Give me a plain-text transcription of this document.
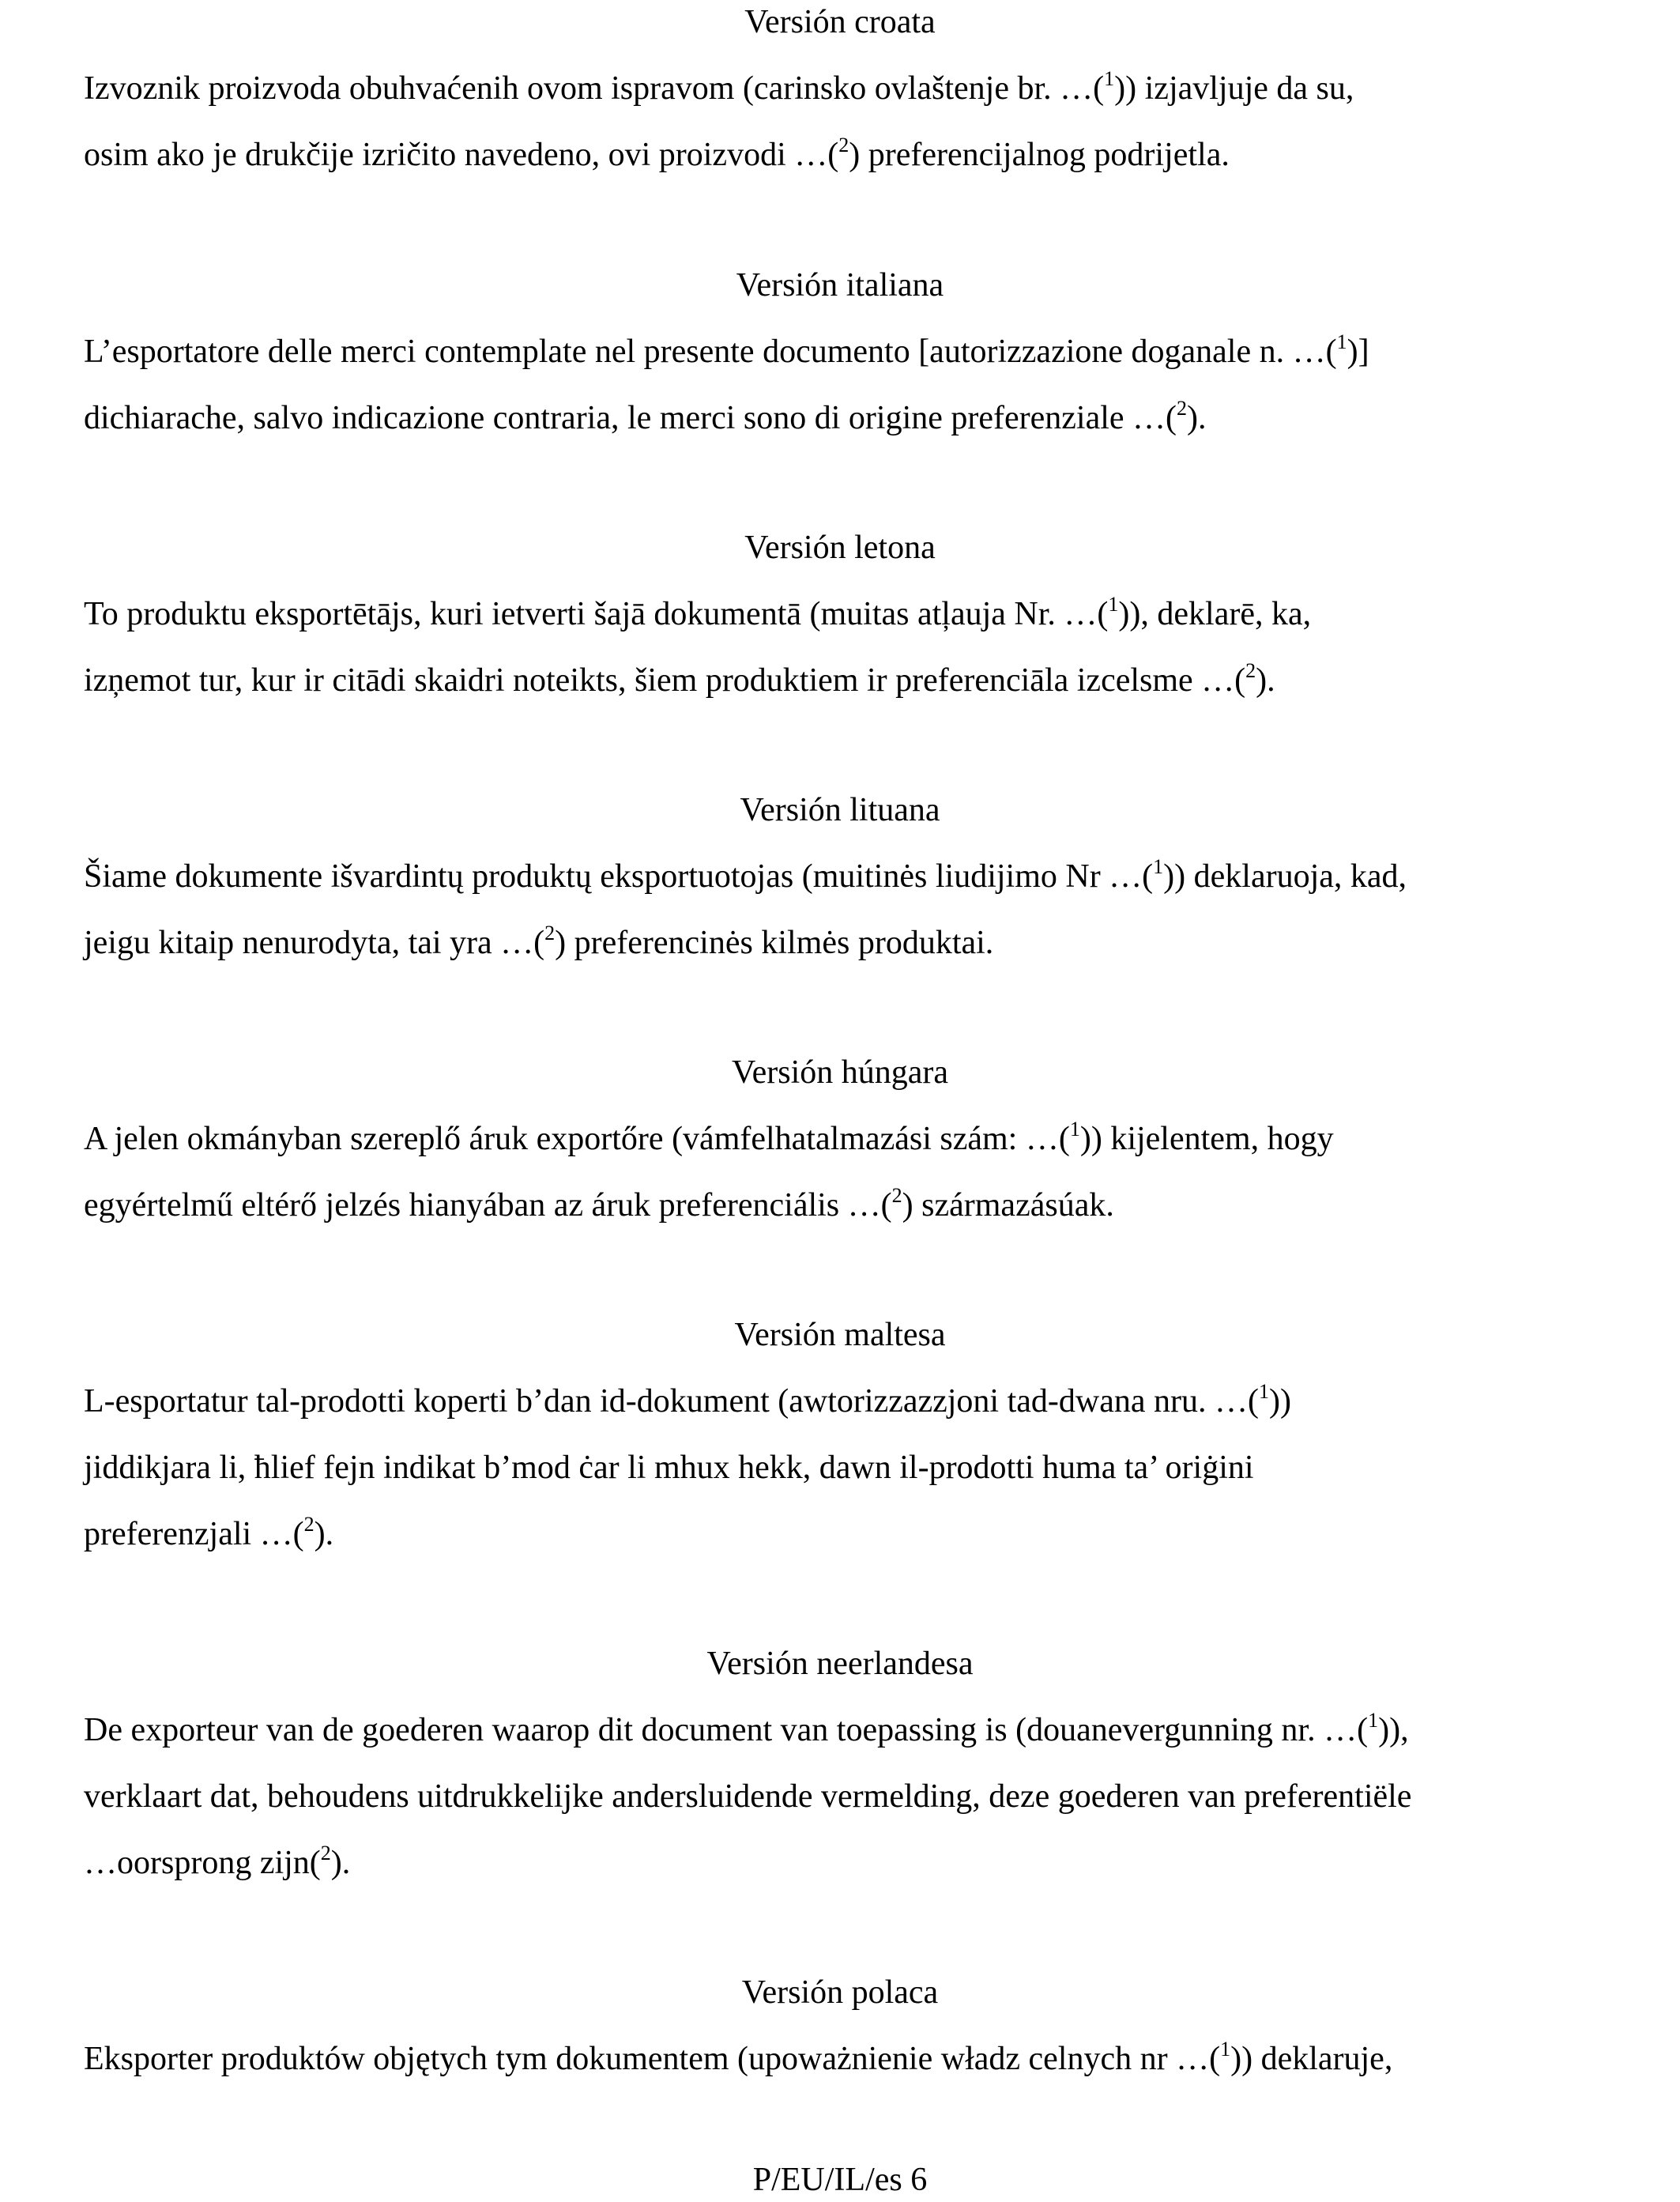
Versión croata
Izvoznik proizvoda obuhvaćenih ovom ispravom (carinsko ovlaštenje br. …($^1$)) izjavljuje da su,
osim ako je drukčije izričito navedeno, ovi proizvodi …($^2$) preferencijalnog podrijetla.
Versión italiana
L’esportatore delle merci contemplate nel presente documento [autorizzazione doganale n. …($^1$)]
dichiarache, salvo indicazione contraria, le merci sono di origine preferenziale …($^2$).
Versión letona
To produktu eksportētājs, kuri ietverti šajā dokumentā (muitas atļauja Nr. …($^1$)), deklarē, ka,
izņemot tur, kur ir citādi skaidri noteikts, šiem produktiem ir preferenciāla izcelsme …($^2$).
Versión lituana
Šiame dokumente išvardintų produktų eksportuotojas (muitinės liudijimo Nr …($^1$)) deklaruoja, kad,
jeigu kitaip nenurodyta, tai yra …($^2$) preferencinės kilmės produktai.
Versión húngara
A jelen okmányban szereplő áruk exportőre (vámfelhatalmazási szám: …($^1$)) kijelentem, hogy
egyértelmű eltérő jelzés hianyában az áruk preferenciális …($^2$) származásúak.
Versión maltesa
L-esportatur tal-prodotti koperti b’dan id-dokument (awtorizzazzjoni tad-dwana nru. …($^1$))
jiddikjara li, ħlief fejn indikat b’mod ċar li mhux hekk, dawn il-prodotti huma ta’ oriġini
preferenzjali …($^2$).
Versión neerlandesa
De exporteur van de goederen waarop dit document van toepassing is (douanevergunning nr. …($^1$)),
verklaart dat, behoudens uitdrukkelijke andersluidende vermelding, deze goederen van preferentiële
…oorsprong zijn($^2$).
Versión polaca
Eksporter produktów objętych tym dokumentem (upoważnienie władz celnych nr …($^1$)) deklaruje,
P/EU/IL/es 6
